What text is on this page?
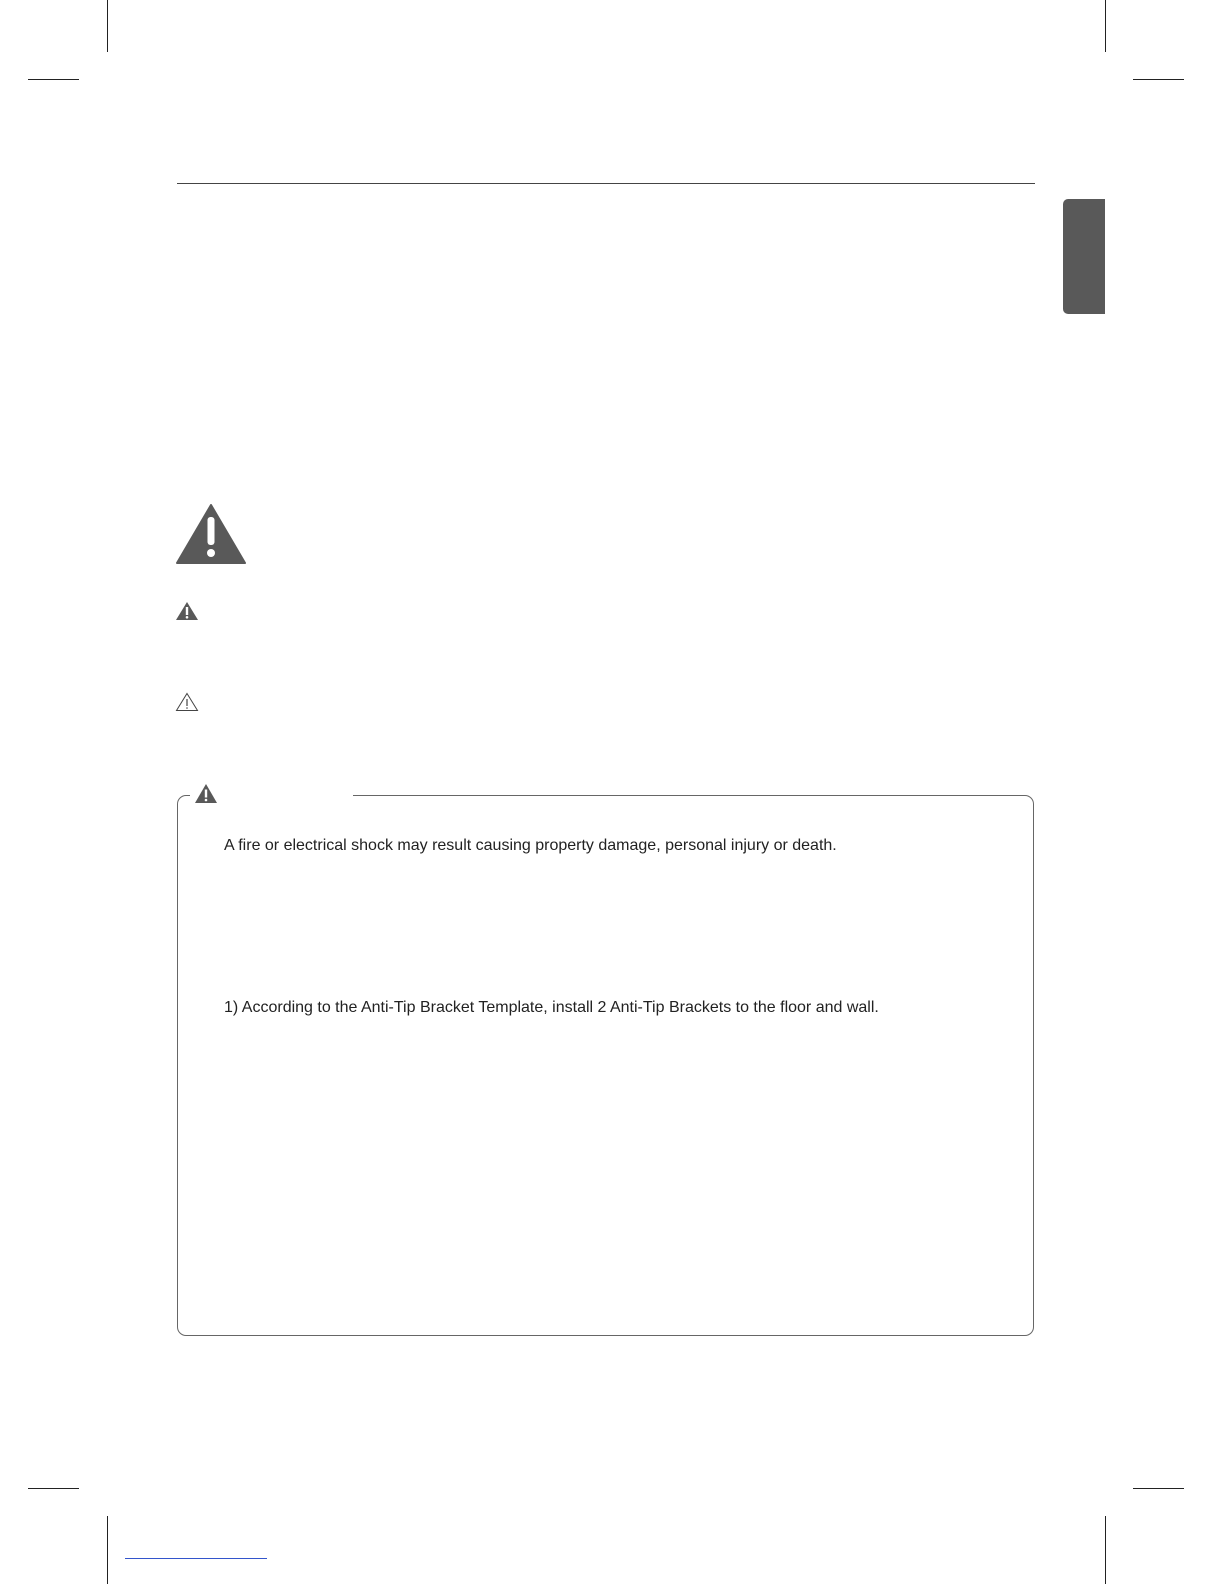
A fire or electrical shock may result causing property damage, personal injury or death.
1) According to the Anti-Tip Bracket Template, install 2 Anti-Tip Brackets to the floor and wall.
